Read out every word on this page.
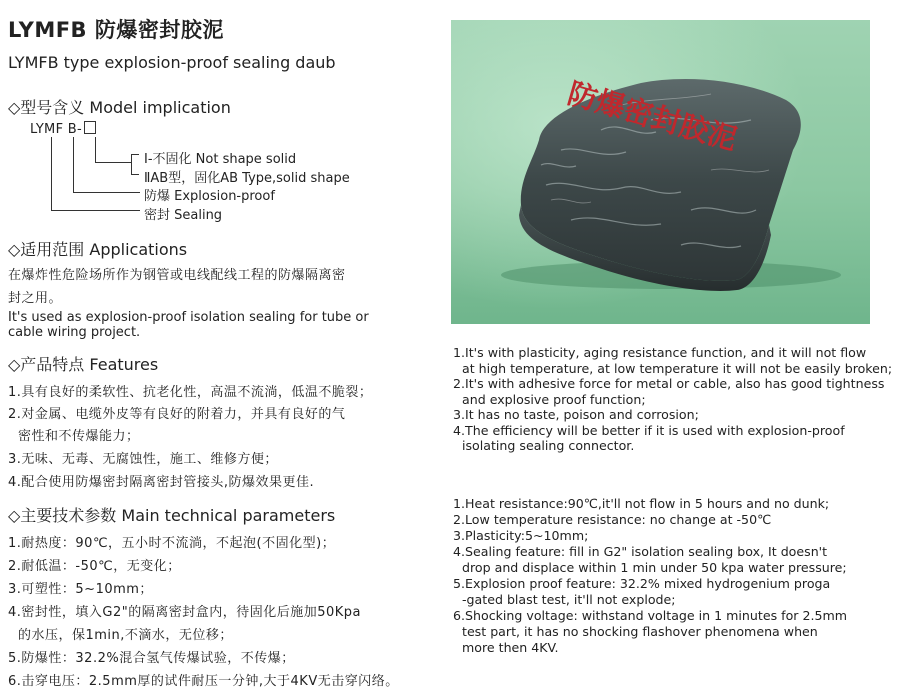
LYMFB 防爆密封胶泥
LYMFB type explosion-proof sealing daub
◇型号含义 Model implication
LYMF B-
Ⅰ-不固化 Not shape solid
ⅡAB型，固化AB Type,solid shape
防爆 Explosion-proof
密封 Sealing
◇适用范围 Applications
在爆炸性危险场所作为钢管或电线配线工程的防爆隔离密
封之用。
It's used as explosion-proof isolation sealing for tube or
cable wiring project.
◇产品特点 Features
1.具有良好的柔软性、抗老化性，高温不流淌，低温不脆裂；
2.对金属、电缆外皮等有良好的附着力，并具有良好的气
密性和不传爆能力；
3.无味、无毒、无腐蚀性，施工、维修方便；
4.配合使用防爆密封隔离密封管接头,防爆效果更佳.
◇主要技术参数 Main technical parameters
1.耐热度：90℃，五小时不流淌，不起泡(不固化型)；
2.耐低温：-50℃，无变化；
3.可塑性：5~10mm；
4.密封性，填入G2"的隔离密封盒内，待固化后施加50Kpa
的水压，保1min,不滴水，无位移；
5.防爆性：32.2%混合氢气传爆试验，不传爆；
6.击穿电压：2.5mm厚的试件耐压一分钟,大于4KV无击穿闪络。
防爆密封胶泥
1.It's with plasticity, aging resistance function, and it will not flow
at high temperature, at low temperature it will not be easily broken;
2.It's with adhesive force for metal or cable, also has good tightness
and explosive proof function;
3.It has no taste, poison and corrosion;
4.The efficiency will be better if it is used with explosion-proof
isolating sealing connector.
1.Heat resistance:90℃,it'll not flow in 5 hours and no dunk;
2.Low temperature resistance: no change at -50℃
3.Plasticity:5~10mm;
4.Sealing feature: fill in G2" isolation sealing box, It doesn't
drop and displace within 1 min under 50 kpa water pressure;
5.Explosion proof feature: 32.2% mixed hydrogenium proga
-gated blast test, it'll not explode;
6.Shocking voltage: withstand voltage in 1 minutes for 2.5mm
test part, it has no shocking flashover phenomena when
more then 4KV.
